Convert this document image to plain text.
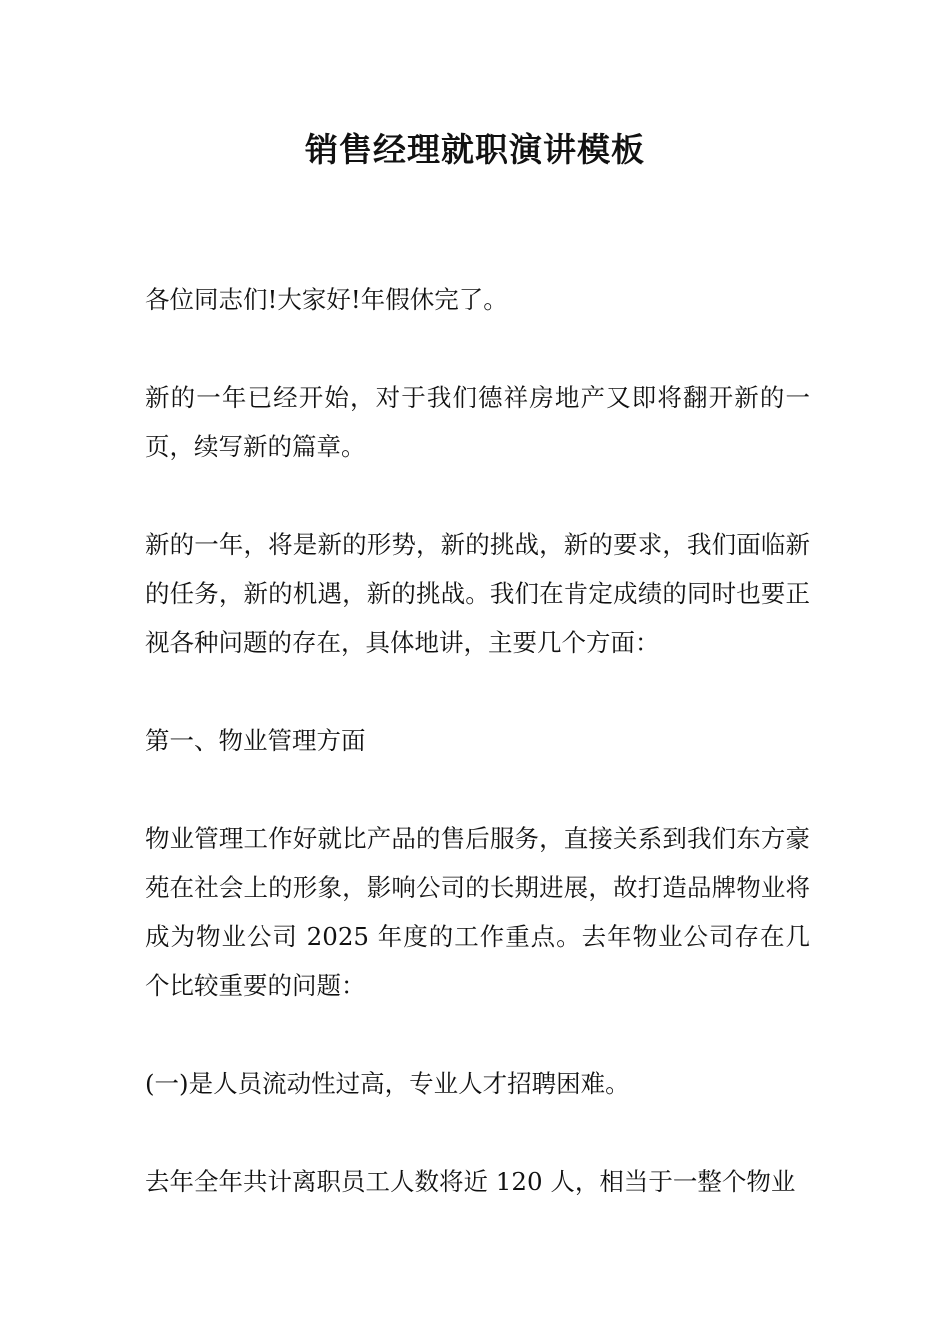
销售经理就职演讲模板

各位同志们!大家好!年假休完了。

新的一年已经开始，对于我们德祥房地产又即将翻开新的一页，续写新的篇章。

新的一年，将是新的形势，新的挑战，新的要求，我们面临新的任务，新的机遇，新的挑战。我们在肯定成绩的同时也要正视各种问题的存在，具体地讲，主要几个方面：

第一、物业管理方面

物业管理工作好就比产品的售后服务，直接关系到我们东方豪苑在社会上的形象，影响公司的长期进展，故打造品牌物业将成为物业公司 2025 年度的工作重点。去年物业公司存在几个比较重要的问题：

(一)是人员流动性过高，专业人才招聘困难。

去年全年共计离职员工人数将近 120 人，相当于一整个物业
